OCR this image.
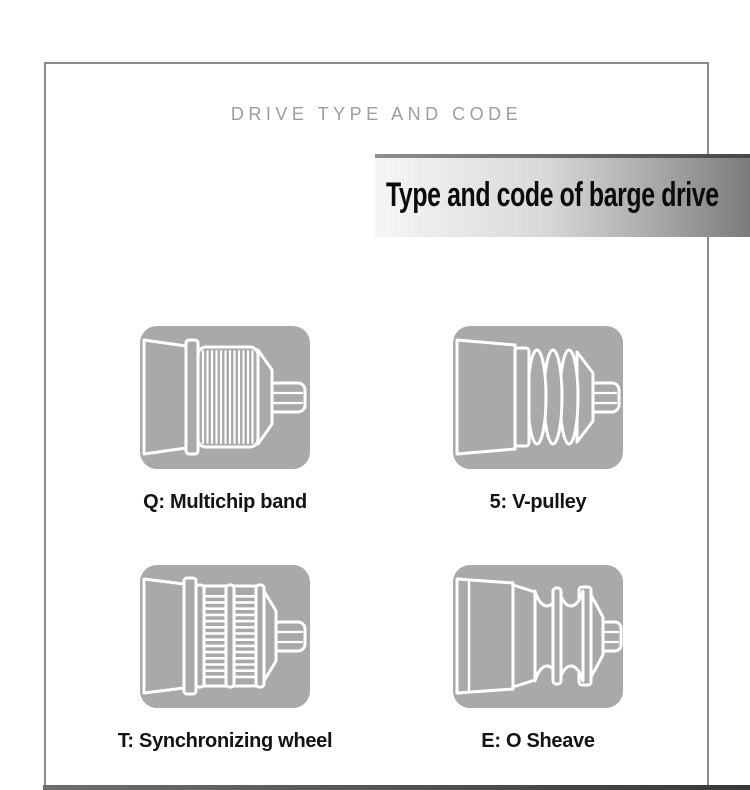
DRIVE TYPE AND CODE
Type and code of barge drive
Q: Multichip band	5: V-pulley
T: Synchronizing wheel	E: O Sheave
